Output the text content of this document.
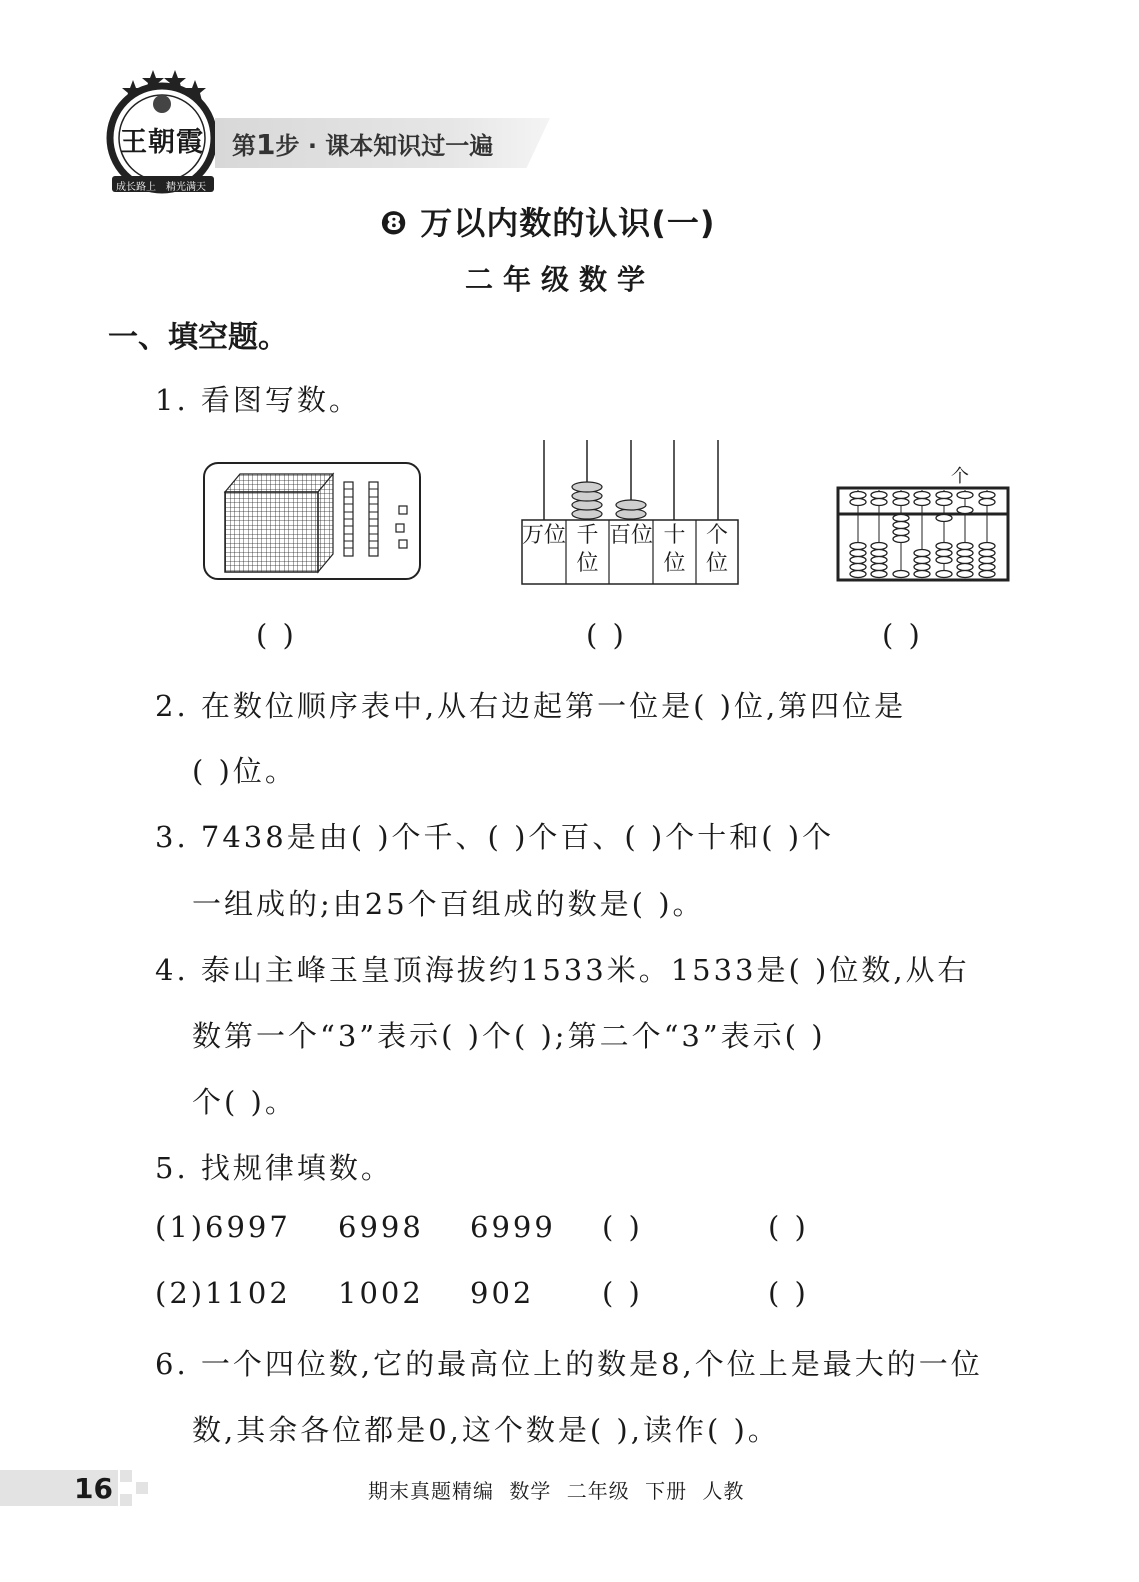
王朝霞
成长路上 精光满天
第1步 · 课本知识过一遍
❽ 万以内数的认识(一)
二年级数学
一、填空题。
1. 看图写数。
万位 千位
百位 十位
个位
个
( )	( )	( )
2. 在数位顺序表中,从右边起第一位是( )位,第四位是
( )位。
3. 7438是由( )个千、( )个百、( )个十和( )个
一组成的;由25个百组成的数是( )。
4. 泰山主峰玉皇顶海拔约1533米。1533是( )位数,从右
数第一个“3”表示( )个( );第二个“3”表示( )
个( )。
5. 找规律填数。
(1) 6997 6998 6999 ( )	( )
(2) 1102 1002 902 ( )	( )
6. 一个四位数,它的最高位上的数是8,个位上是最大的一位
数,其余各位都是0,这个数是( ),读作( )。
16	期末真题精编 数学 二年级 下册 人教
